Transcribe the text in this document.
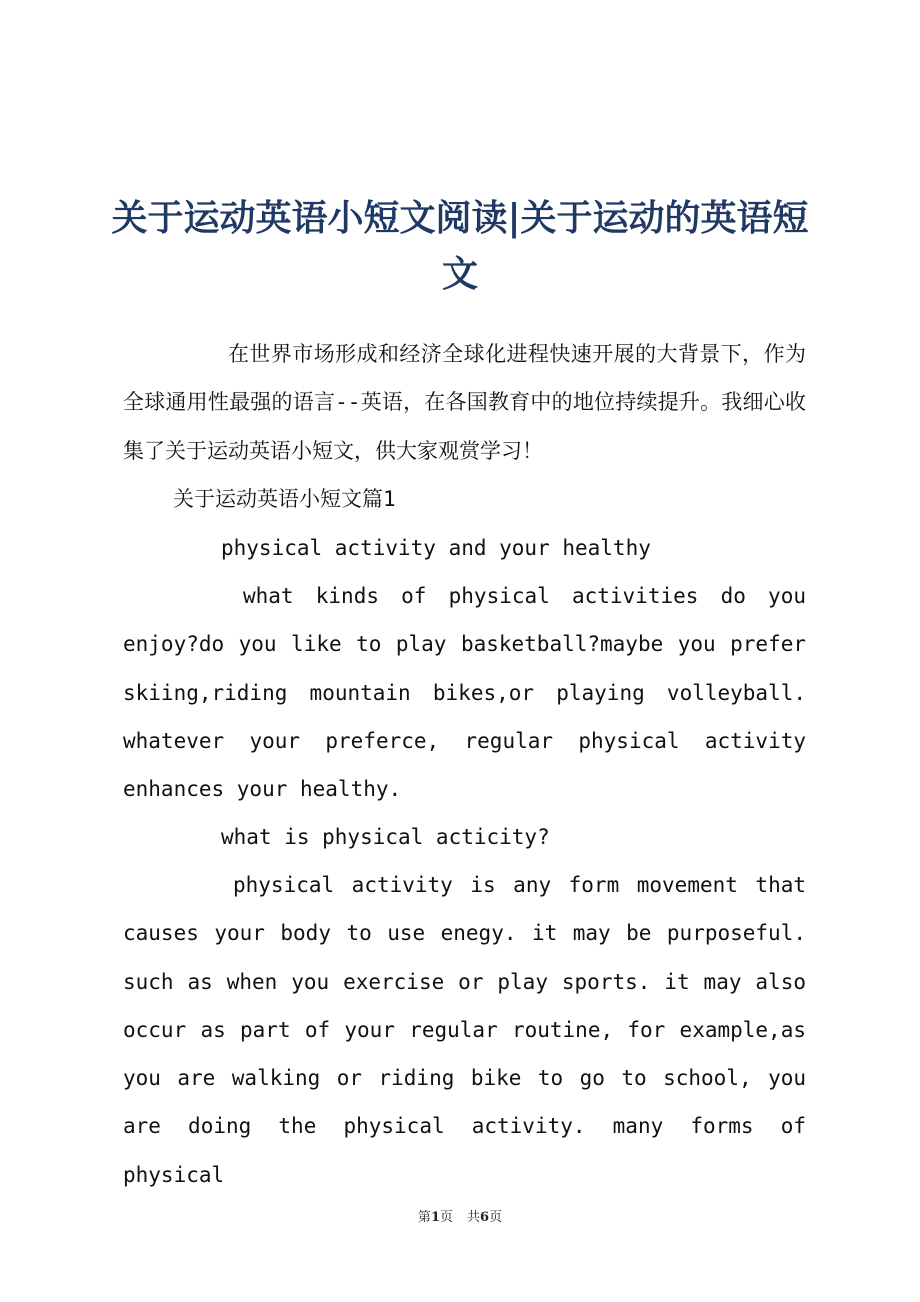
关于运动英语小短文阅读|关于运动的英语短文

在世界市场形成和经济全球化进程快速开展的大背景下，作为全球通用性最强的语言--英语，在各国教育中的地位持续提升。我细心收集了关于运动英语小短文，供大家观赏学习！

关于运动英语小短文篇1

physical activity and your healthy

what kinds of physical activities do you enjoy?do you like to play basketball?maybe you prefer skiing,riding mountain bikes,or playing volleyball. whatever your preferce, regular physical activity enhances your healthy.

what is physical acticity?

physical activity is any form movement that causes your body to use enegy. it may be purposeful. such as when you exercise or play sports. it may also occur as part of your regular routine, for example,as you are walking or riding bike to go to school, you are doing the physical activity. many forms of physical

第1页 共6页
